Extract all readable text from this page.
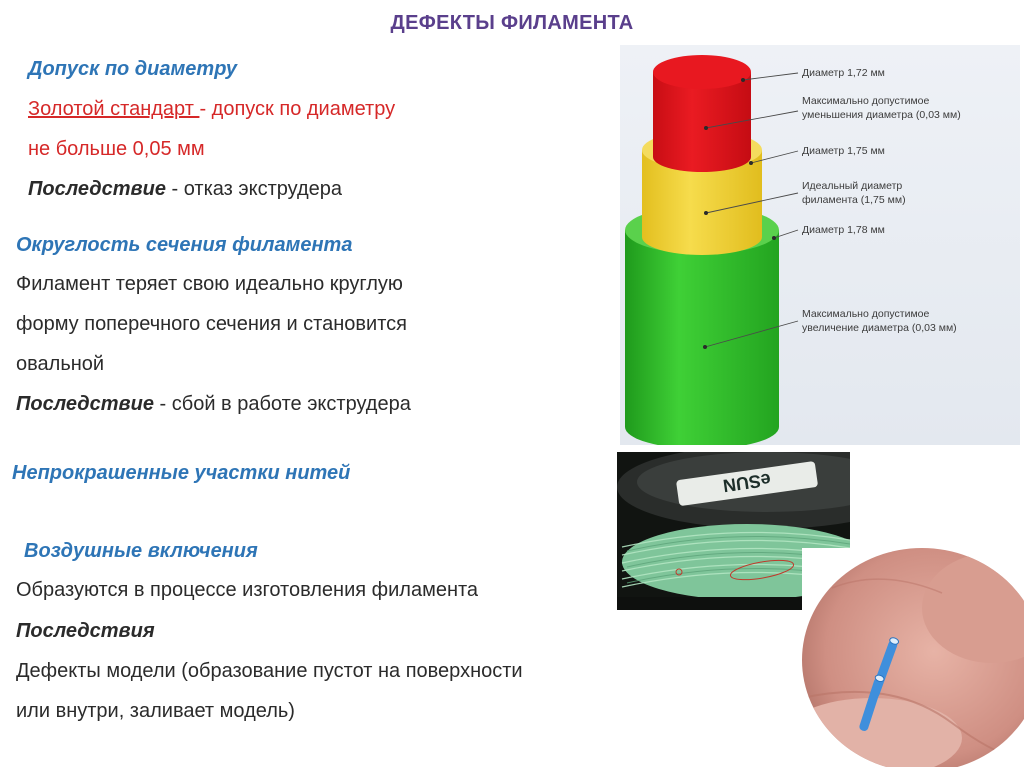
ДЕФЕКТЫ ФИЛАМЕНТА
Допуск по диаметру
Золотой стандарт - допуск по диаметру
не больше 0,05 мм
Последствие - отказ экструдера
Округлость сечения филамента
Филамент теряет свою идеально круглую
форму поперечного сечения и становится
овальной
Последствие - сбой в работе экструдера
Непрокрашенные участки нитей
Воздушные включения
Образуются в процессе изготовления филамента
Последствия
Дефекты модели (образование пустот на поверхности
или внутри, заливает модель)
Диаметр 1,72 мм
Максимально допустимое
уменьшения диаметра (0,03 мм)
Диаметр 1,75 мм
Идеальный диаметр
филамента (1,75 мм)
Диаметр 1,78 мм
Максимально допустимое
увеличение диаметра (0,03 мм)
eSUN
